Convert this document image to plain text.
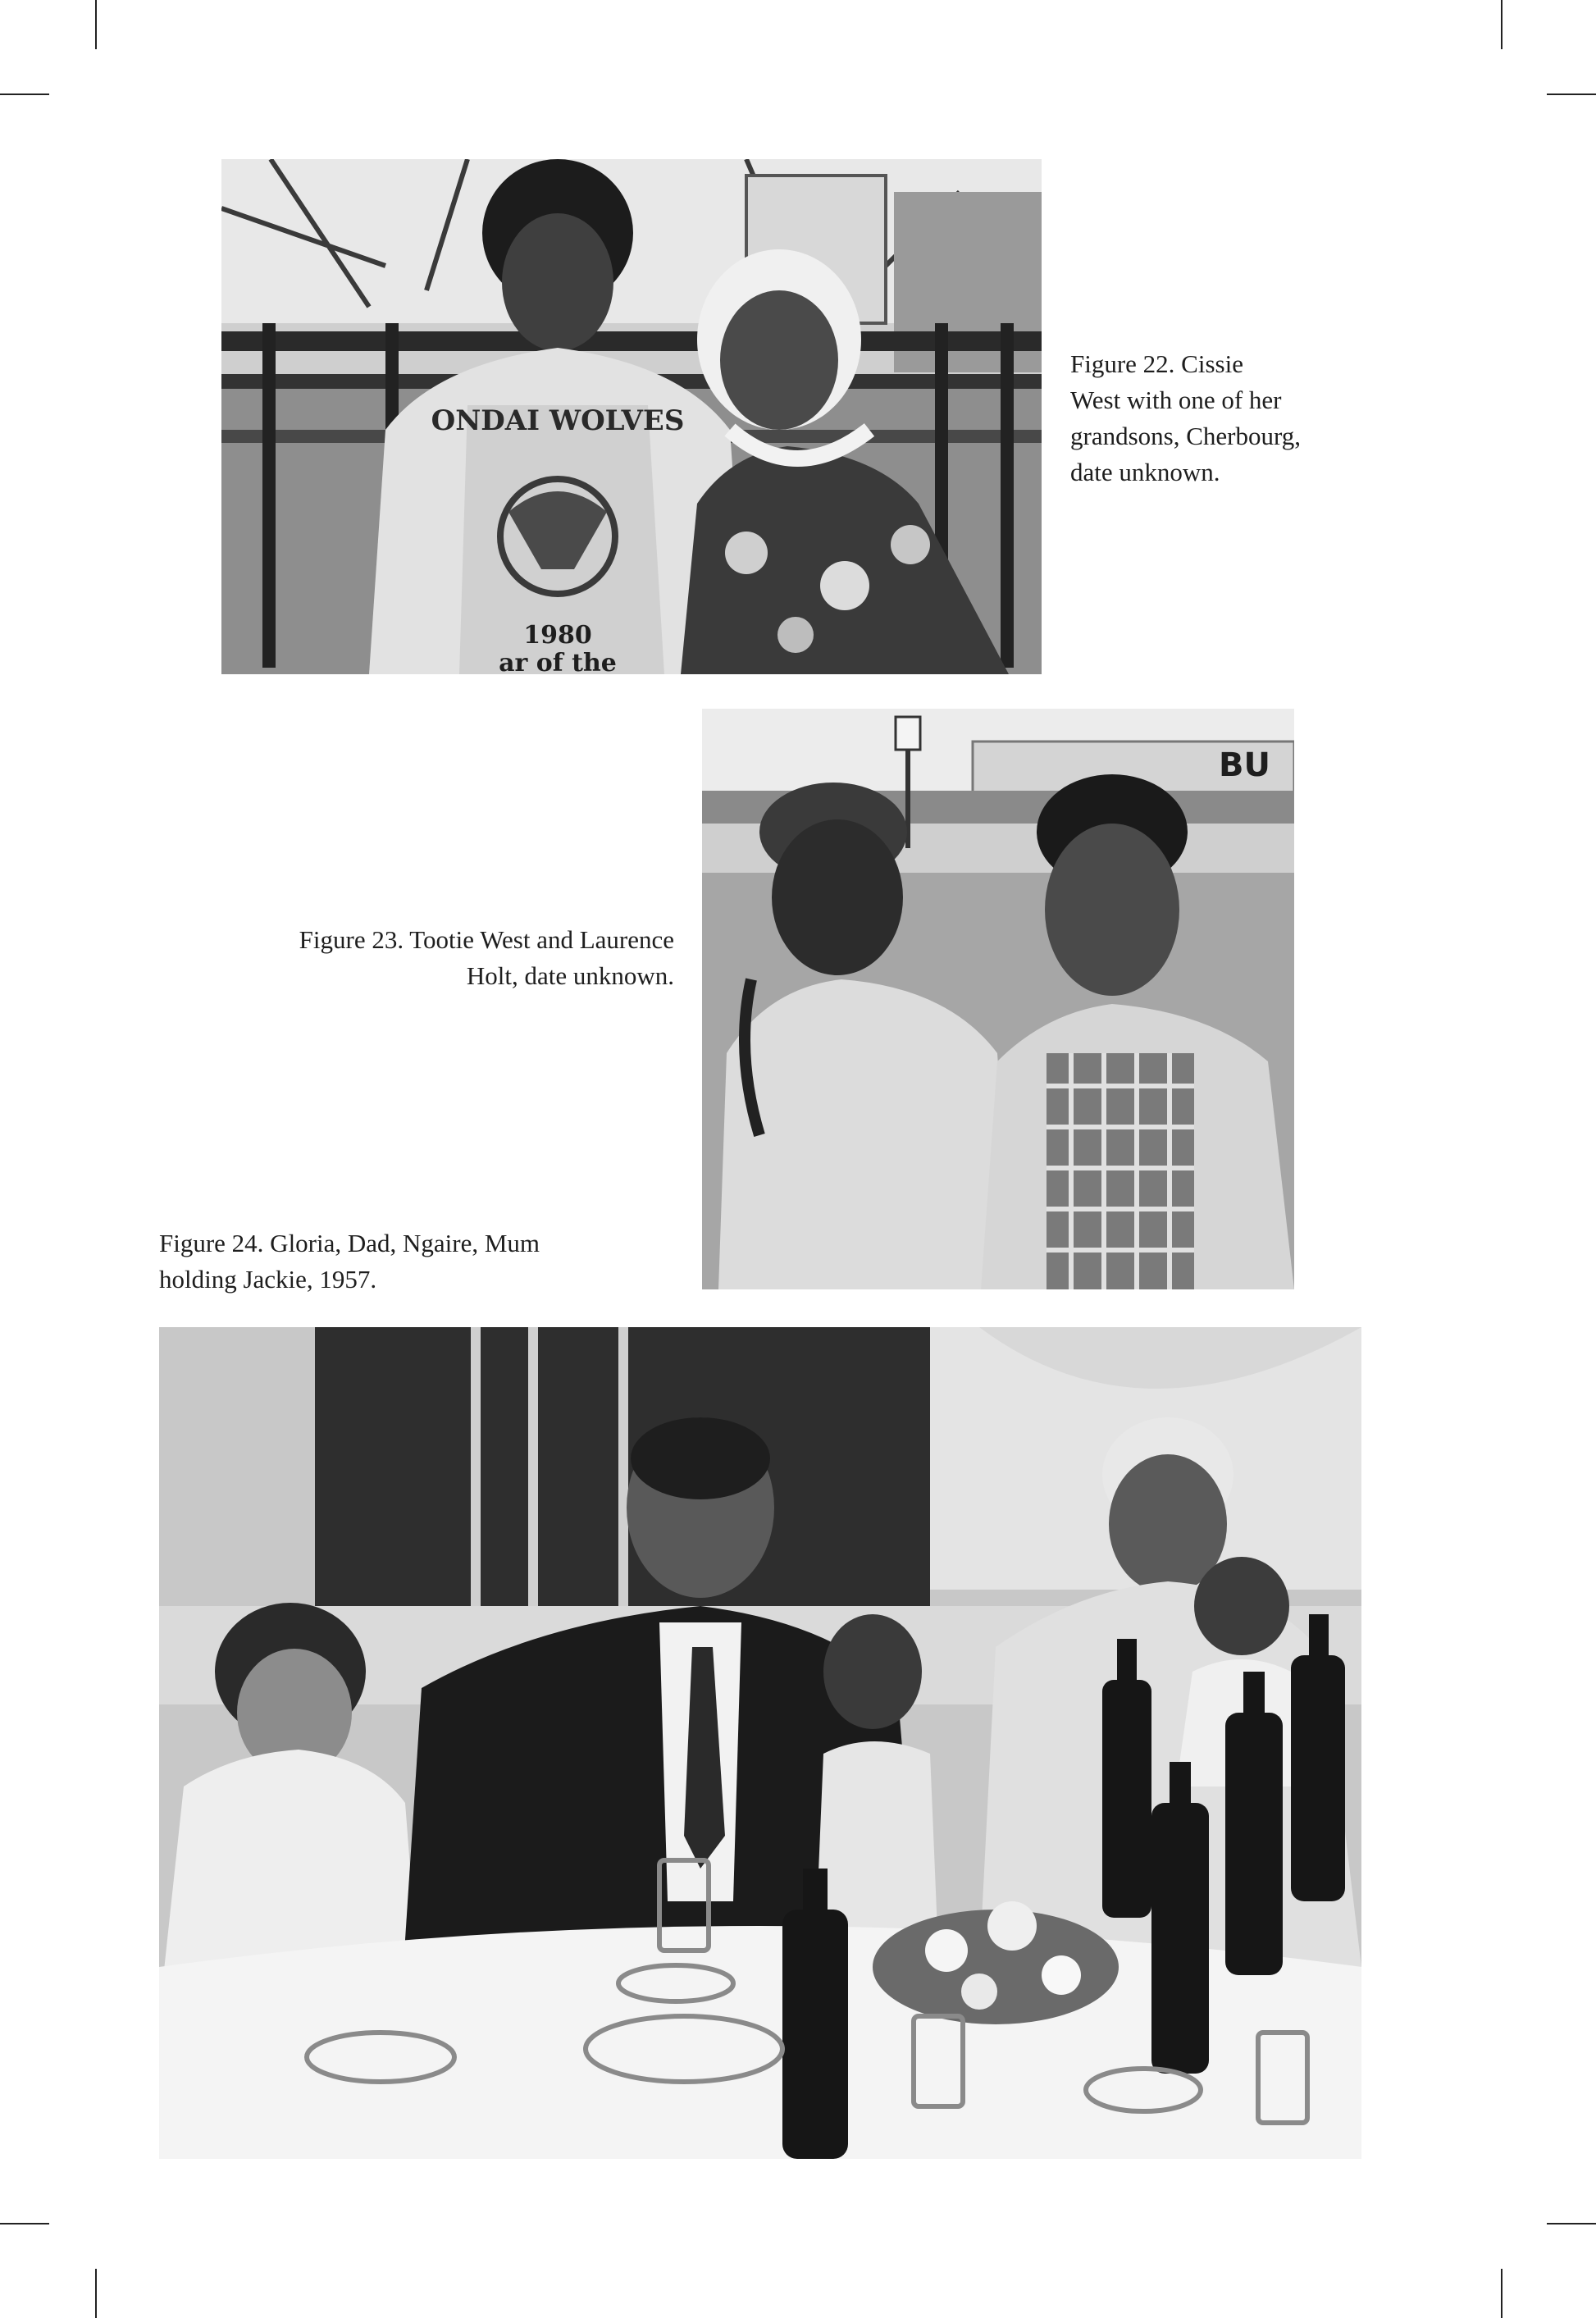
ONDAI WOLVES
1980
ar of the
Figure 22. Cissie
West with one of her
grandsons, Cherbourg,
date unknown.
BU
Figure 23. Tootie West and Laurence
Holt, date unknown.
Figure 24. Gloria, Dad, Ngaire, Mum
holding Jackie, 1957.
